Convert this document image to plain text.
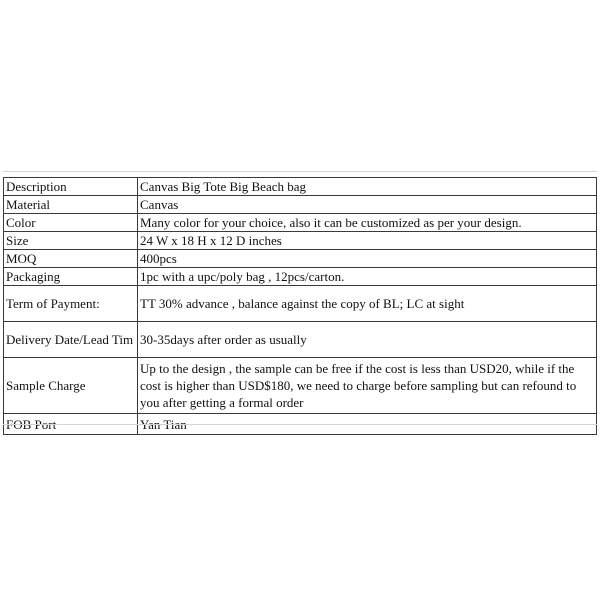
Description	Canvas Big Tote Big Beach bag
Material	Canvas
Color	Many color for your choice, also it can be customized as per your design.
Size	24 W x 18 H x 12 D inches
MOQ	400pcs
Packaging	1pc with a upc/poly bag , 12pcs/carton.
Term of Payment:	TT 30% advance , balance against the copy of BL; LC at sight
Delivery Date/Lead Tim	30-35days after order as usually
Sample Charge	Up to the design , the sample can be free if the cost is less than USD20, while if the cost is higher than USD$180, we need to charge before sampling but can refound to you after getting a formal order
FOB Port	Yan Tian
